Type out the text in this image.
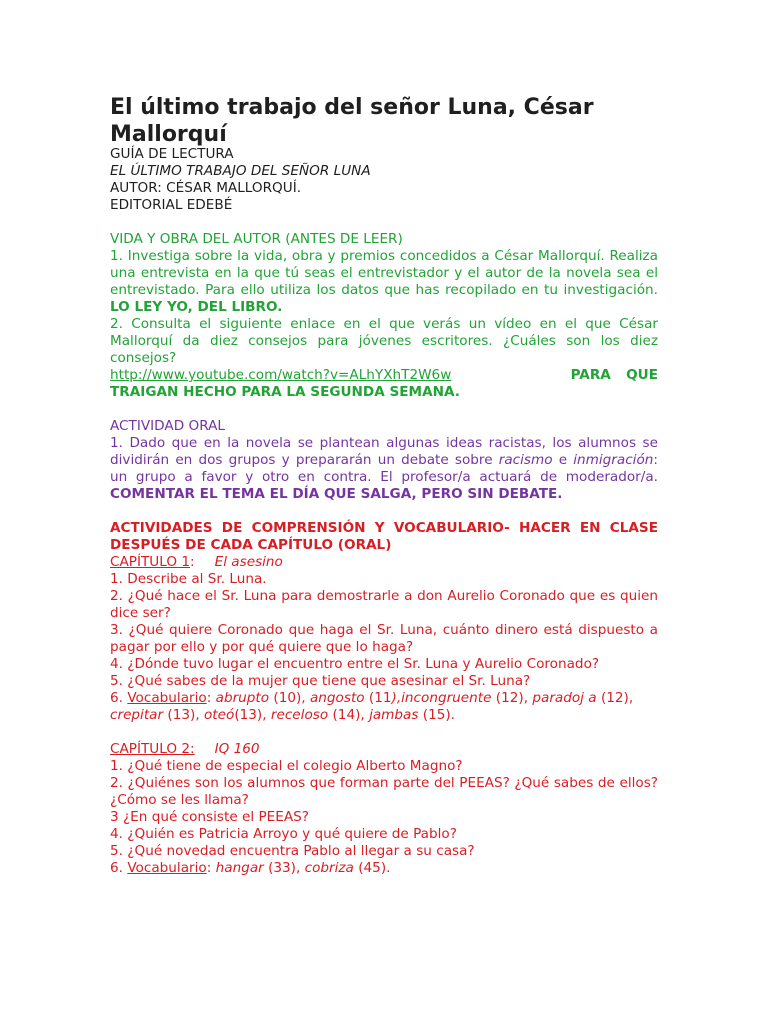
El último trabajo del señor Luna, César Mallorquí

GUÍA DE LECTURA

EL ÚLTIMO TRABAJO DEL SEÑOR LUNA

AUTOR: CÉSAR MALLORQUÍ.

EDITORIAL EDEBÉ

VIDA Y OBRA DEL AUTOR (ANTES DE LEER)

1. Investiga sobre la vida, obra y premios concedidos a César Mallorquí. Realiza una entrevista en la que tú seas el entrevistador y el autor de la novela sea el entrevistado. Para ello utiliza los datos que has recopilado en tu investigación. LO LEY YO, DEL LIBRO.

2. Consulta el siguiente enlace en el que verás un vídeo en el que César Mallorquí da diez consejos para jóvenes escritores. ¿Cuáles son los diez consejos?

http://www.youtube.com/watch?v=ALhYXhT2W6w	PARA QUE

TRAIGAN HECHO PARA LA SEGUNDA SEMANA.

ACTIVIDAD ORAL

1. Dado que en la novela se plantean algunas ideas racistas, los alumnos se dividirán en dos grupos y prepararán un debate sobre racismo e inmigración: un grupo a favor y otro en contra. El profesor/a actuará de moderador/a. COMENTAR EL TEMA EL DÍA QUE SALGA, PERO SIN DEBATE.

ACTIVIDADES DE COMPRENSIÓN Y VOCABULARIO- HACER EN CLASE DESPUÉS DE CADA CAPÍTULO (ORAL)

CAPÍTULO 1: El asesino

1. Describe al Sr. Luna.

2. ¿Qué hace el Sr. Luna para demostrarle a don Aurelio Coronado que es quien dice ser?

3. ¿Qué quiere Coronado que haga el Sr. Luna, cuánto dinero está dispuesto a pagar por ello y por qué quiere que lo haga?

4. ¿Dónde tuvo lugar el encuentro entre el Sr. Luna y Aurelio Coronado?

5. ¿Qué sabes de la mujer que tiene que asesinar el Sr. Luna?

6. Vocabulario: abrupto (10), angosto (11),incongruente (12), paradoj a (12), crepitar (13), oteó(13), receloso (14), jambas (15).

CAPÍTULO 2: IQ 160

1. ¿Qué tiene de especial el colegio Alberto Magno?

2. ¿Quiénes son los alumnos que forman parte del PEEAS? ¿Qué sabes de ellos? ¿Cómo se les llama?

3 ¿En qué consiste el PEEAS?

4. ¿Quién es Patricia Arroyo y qué quiere de Pablo?

5. ¿Qué novedad encuentra Pablo al llegar a su casa?

6. Vocabulario: hangar (33), cobriza (45).
